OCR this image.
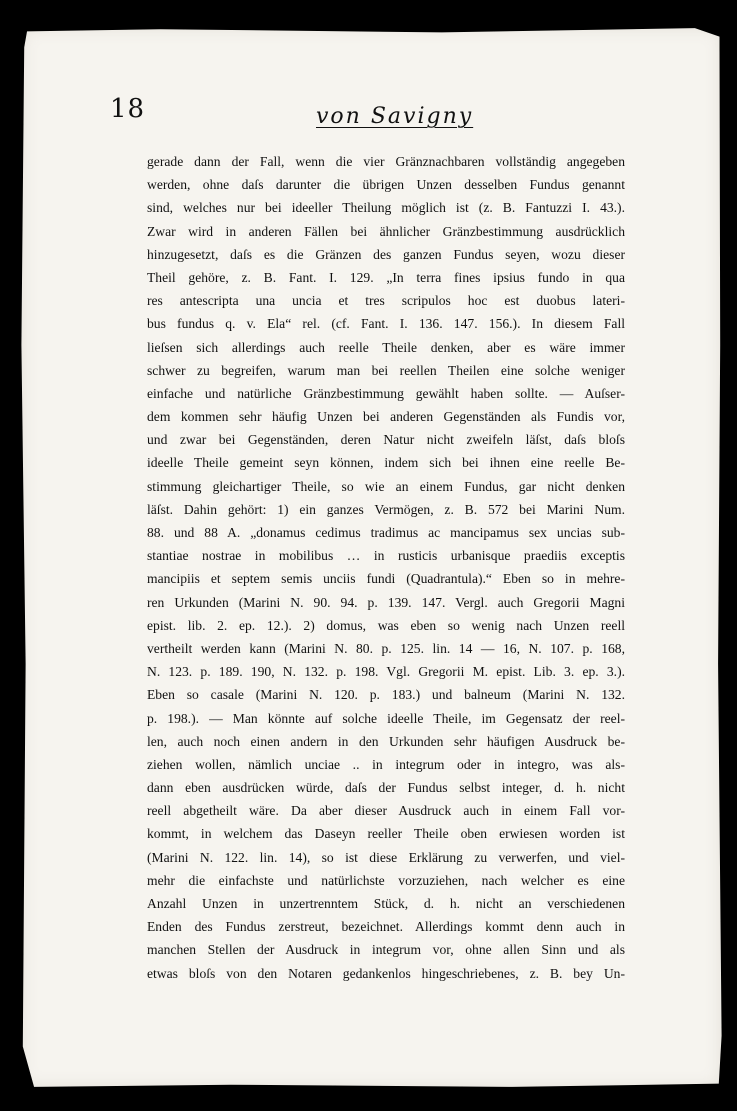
18	von Savigny
gerade dann der Fall, wenn die vier Gränznachbaren vollständig angegeben
werden, ohne daſs darunter die übrigen Unzen desselben Fundus genannt
sind, welches nur bei ideeller Theilung möglich ist (z. B. Fantuzzi I. 43.).
Zwar wird in anderen Fällen bei ähnlicher Gränzbestimmung ausdrücklich
hinzugesetzt, daſs es die Gränzen des ganzen Fundus seyen, wozu dieser
Theil gehöre, z. B. Fant. I. 129. „In terra fines ipsius fundo in qua
res antescripta una uncia et tres scripulos hoc est duobus lateri-
bus fundus q. v. Ela“ rel. (cf. Fant. I. 136. 147. 156.). In diesem Fall
lieſsen sich allerdings auch reelle Theile denken, aber es wäre immer
schwer zu begreifen, warum man bei reellen Theilen eine solche weniger
einfache und natürliche Gränzbestimmung gewählt haben sollte. — Auſser-
dem kommen sehr häufig Unzen bei anderen Gegenständen als Fundis vor,
und zwar bei Gegenständen, deren Natur nicht zweifeln läſst, daſs bloſs
ideelle Theile gemeint seyn können, indem sich bei ihnen eine reelle Be-
stimmung gleichartiger Theile, so wie an einem Fundus, gar nicht denken
läſst. Dahin gehört: 1) ein ganzes Vermögen, z. B. 572 bei Marini Num.
88. und 88 A. „donamus cedimus tradimus ac mancipamus sex uncias sub-
stantiae nostrae in mobilibus … in rusticis urbanisque praediis exceptis
mancipiis et septem semis unciis fundi (Quadrantula).“ Eben so in mehre-
ren Urkunden (Marini N. 90. 94. p. 139. 147. Vergl. auch Gregorii Magni
epist. lib. 2. ep. 12.). 2) domus, was eben so wenig nach Unzen reell
vertheilt werden kann (Marini N. 80. p. 125. lin. 14 — 16, N. 107. p. 168,
N. 123. p. 189. 190, N. 132. p. 198. Vgl. Gregorii M. epist. Lib. 3. ep. 3.).
Eben so casale (Marini N. 120. p. 183.) und balneum (Marini N. 132.
p. 198.). — Man könnte auf solche ideelle Theile, im Gegensatz der reel-
len, auch noch einen andern in den Urkunden sehr häufigen Ausdruck be-
ziehen wollen, nämlich unciae .. in integrum oder in integro, was als-
dann eben ausdrücken würde, daſs der Fundus selbst integer, d. h. nicht
reell abgetheilt wäre. Da aber dieser Ausdruck auch in einem Fall vor-
kommt, in welchem das Daseyn reeller Theile oben erwiesen worden ist
(Marini N. 122. lin. 14), so ist diese Erklärung zu verwerfen, und viel-
mehr die einfachste und natürlichste vorzuziehen, nach welcher es eine
Anzahl Unzen in unzertrenntem Stück, d. h. nicht an verschiedenen
Enden des Fundus zerstreut, bezeichnet. Allerdings kommt denn auch in
manchen Stellen der Ausdruck in integrum vor, ohne allen Sinn und als
etwas bloſs von den Notaren gedankenlos hingeschriebenes, z. B. bey Un-
